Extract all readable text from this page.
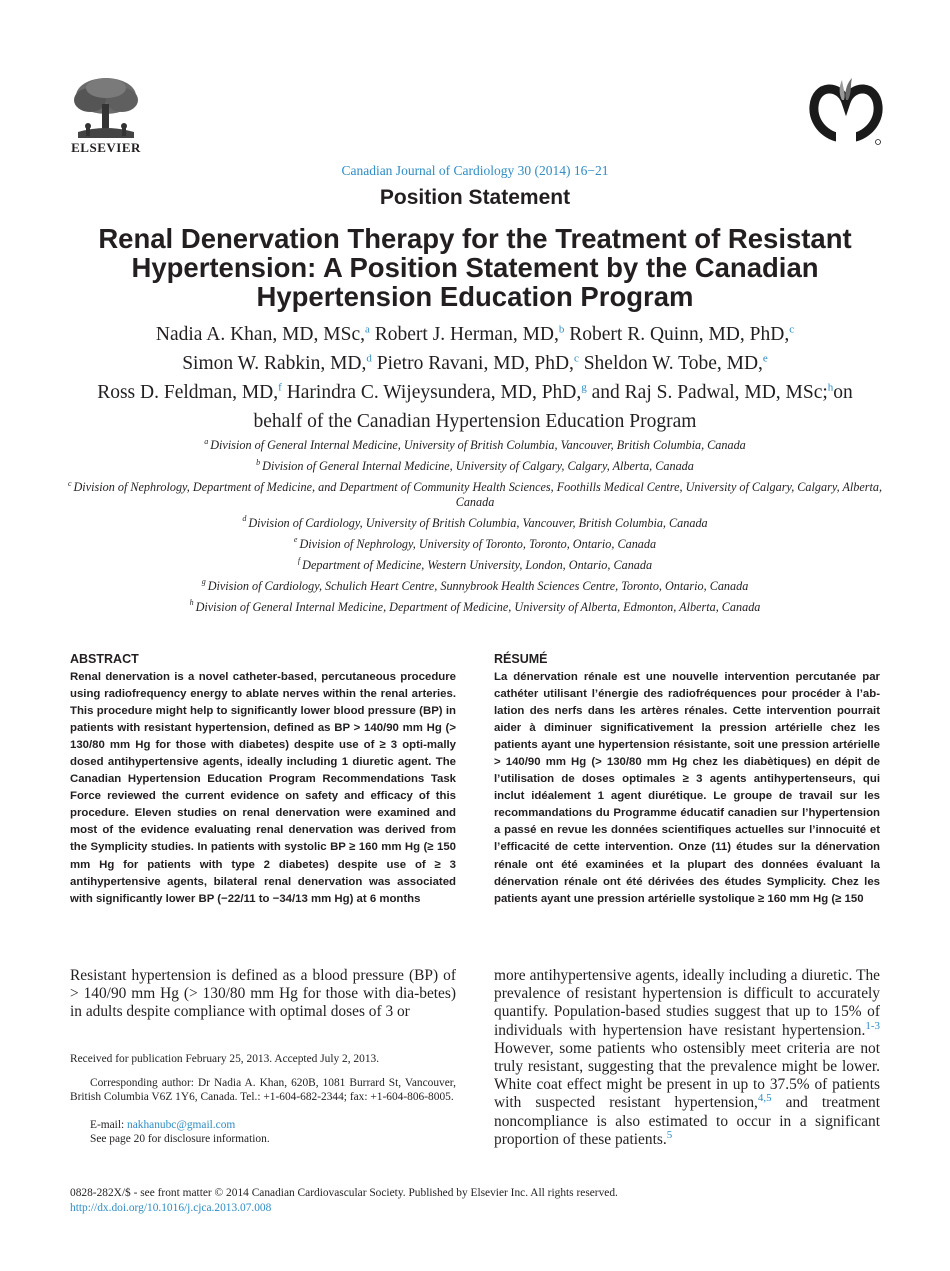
ELSEVIER
Canadian Journal of Cardiology 30 (2014) 16−21
Position Statement
Renal Denervation Therapy for the Treatment of Resistant
Hypertension: A Position Statement by the Canadian
Hypertension Education Program
Nadia A. Khan, MD, MSc,$^a$ Robert J. Herman, MD,$^b$ Robert R. Quinn, MD, PhD,$^c$
Simon W. Rabkin, MD,$^d$ Pietro Ravani, MD, PhD,$^c$ Sheldon W. Tobe, MD,$^e$
Ross D. Feldman, MD,$^f$ Harindra C. Wijeysundera, MD, PhD,$^g$ and Raj S. Padwal, MD, MSc;$^h$on
behalf of the Canadian Hypertension Education Program
$^a$ Division of General Internal Medicine, University of British Columbia, Vancouver, British Columbia, Canada
$^b$ Division of General Internal Medicine, University of Calgary, Calgary, Alberta, Canada
$^c$ Division of Nephrology, Department of Medicine, and Department of Community Health Sciences, Foothills Medical Centre, University of Calgary, Calgary, Alberta, Canada
$^d$ Division of Cardiology, University of British Columbia, Vancouver, British Columbia, Canada
$^e$ Division of Nephrology, University of Toronto, Toronto, Ontario, Canada
$^f$ Department of Medicine, Western University, London, Ontario, Canada
$^g$ Division of Cardiology, Schulich Heart Centre, Sunnybrook Health Sciences Centre, Toronto, Ontario, Canada
$^h$ Division of General Internal Medicine, Department of Medicine, University of Alberta, Edmonton, Alberta, Canada
ABSTRACT
Renal denervation is a novel catheter-based, percutaneous procedure using radiofrequency energy to ablate nerves within the renal arteries. This procedure might help to significantly lower blood pressure (BP) in patients with resistant hypertension, defined as BP > 140/90 mm Hg (> 130/80 mm Hg for those with diabetes) despite use of ≥ 3 opti-mally dosed antihypertensive agents, ideally including 1 diuretic agent. The Canadian Hypertension Education Program Recommendations Task Force reviewed the current evidence on safety and efficacy of this procedure. Eleven studies on renal denervation were examined and most of the evidence evaluating renal denervation was derived from the Symplicity studies. In patients with systolic BP ≥ 160 mm Hg (≥ 150 mm Hg for patients with type 2 diabetes) despite use of ≥ 3 antihypertensive agents, bilateral renal denervation was associated with significantly lower BP (−22/11 to −34/13 mm Hg) at 6 months
RÉSUMÉ
La dénervation rénale est une nouvelle intervention percutanée par cathéter utilisant l’énergie des radiofréquences pour procéder à l’ab-lation des nerfs dans les artères rénales. Cette intervention pourrait aider à diminuer significativement la pression artérielle chez les patients ayant une hypertension résistante, soit une pression artérielle > 140/90 mm Hg (> 130/80 mm Hg chez les diabètiques) en dépit de l’utilisation de doses optimales ≥ 3 agents antihypertenseurs, qui inclut idéalement 1 agent diurétique. Le groupe de travail sur les recommandations du Programme éducatif canadien sur l’hypertension a passé en revue les données scientifiques actuelles sur l’innocuité et l’efficacité de cette intervention. Onze (11) études sur la dénervation rénale ont été examinées et la plupart des données évaluant la dénervation rénale ont été dérivées des études Symplicity. Chez les patients ayant une pression artérielle systolique ≥ 160 mm Hg (≥ 150
Resistant hypertension is defined as a blood pressure (BP) of > 140/90 mm Hg (> 130/80 mm Hg for those with dia-betes) in adults despite compliance with optimal doses of 3 or
more antihypertensive agents, ideally including a diuretic. The prevalence of resistant hypertension is difficult to accurately quantify. Population-based studies suggest that up to 15% of individuals with hypertension have resistant hypertension.$^{1-3}$ However, some patients who ostensibly meet criteria are not truly resistant, suggesting that the prevalence might be lower. White coat effect might be present in up to 37.5% of patients with suspected resistant hypertension,$^{4,5}$ and treatment noncompliance is also estimated to occur in a significant proportion of these patients.$^5$
Received for publication February 25, 2013. Accepted July 2, 2013.
Corresponding author: Dr Nadia A. Khan, 620B, 1081 Burrard St, Vancouver, British Columbia V6Z 1Y6, Canada. Tel.: +1-604-682-2344; fax: +1-604-806-8005.
E-mail: nakhanubc@gmail.com
See page 20 for disclosure information.
0828-282X/$ - see front matter © 2014 Canadian Cardiovascular Society. Published by Elsevier Inc. All rights reserved.
http://dx.doi.org/10.1016/j.cjca.2013.07.008
